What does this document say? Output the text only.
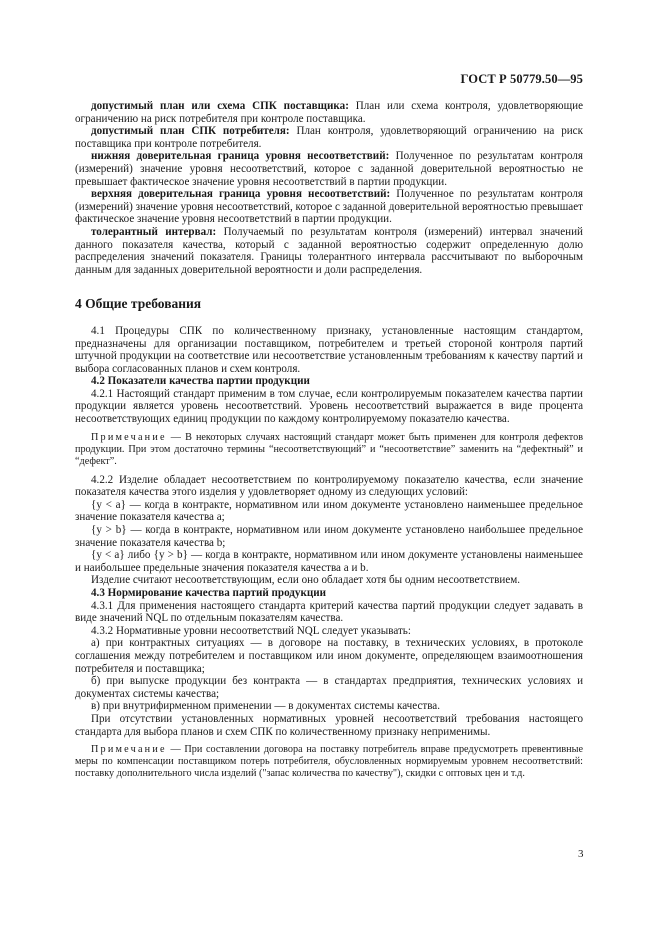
ГОСТ Р 50779.50—95

допустимый план или схема СПК поставщика: План или схема контроля, удовлетворяющие ограничению на риск потребителя при контроле поставщика.

допустимый план СПК потребителя: План контроля, удовлетворяющий ограничению на риск поставщика при контроле потребителя.

нижняя доверительная граница уровня несоответствий: Полученное по результатам контроля (измерений) значение уровня несоответствий, которое с заданной доверительной вероятностью не превышает фактическое значение уровня несоответствий в партии продукции.

верхняя доверительная граница уровня несоответствий: Полученное по результатам контроля (измерений) значение уровня несоответствий, которое с заданной доверительной вероятностью превышает фактическое значение уровня несоответствий в партии продукции.

толерантный интервал: Получаемый по результатам контроля (измерений) интервал значений данного показателя качества, который с заданной вероятностью содержит определенную долю распределения значений показателя. Границы толерантного интервала рассчитывают по выборочным данным для заданных доверительной вероятности и доли распределения.

4 Общие требования

4.1 Процедуры СПК по количественному признаку, установленные настоящим стандартом, предназначены для организации поставщиком, потребителем и третьей стороной контроля партий штучной продукции на соответствие или несоответствие установленным требованиям к качеству партий и выбора согласованных планов и схем контроля.

4.2 Показатели качества партии продукции

4.2.1 Настоящий стандарт применим в том случае, если контролируемым показателем качества партии продукции является уровень несоответствий. Уровень несоответствий выражается в виде процента несоответствующих единиц продукции по каждому контролируемому показателю качества.

Примечание — В некоторых случаях настоящий стандарт может быть применен для контроля дефектов продукции. При этом достаточно термины “несоответствующий” и “несоответствие” заменить на “дефектный” и “дефект”.

4.2.2 Изделие обладает несоответствием по контролируемому показателю качества, если значение показателя качества этого изделия y удовлетворяет одному из следующих условий:

{y < a} — когда в контракте, нормативном или ином документе установлено наименьшее предельное значение показателя качества a;

{y > b} — когда в контракте, нормативном или ином документе установлено наибольшее предельное значение показателя качества b;

{y < a} либо {y > b} — когда в контракте, нормативном или ином документе установлены наименьшее и наибольшее предельные значения показателя качества a и b.

Изделие считают несоответствующим, если оно обладает хотя бы одним несоответствием.

4.3 Нормирование качества партий продукции

4.3.1 Для применения настоящего стандарта критерий качества партий продукции следует задавать в виде значений NQL по отдельным показателям качества.

4.3.2 Нормативные уровни несоответствий NQL следует указывать:

а) при контрактных ситуациях — в договоре на поставку, в технических условиях, в протоколе соглашения между потребителем и поставщиком или ином документе, определяющем взаимоотношения потребителя и поставщика;

б) при выпуске продукции без контракта — в стандартах предприятия, технических условиях и документах системы качества;

в) при внутрифирменном применении — в документах системы качества.

При отсутствии установленных нормативных уровней несоответствий требования настоящего стандарта для выбора планов и схем СПК по количественному признаку неприменимы.

Примечание — При составлении договора на поставку потребитель вправе предусмотреть превентивные меры по компенсации поставщиком потерь потребителя, обусловленных нормируемым уровнем несоответствий: поставку дополнительного числа изделий ("запас количества по качеству"), скидки с оптовых цен и т.д.

3
